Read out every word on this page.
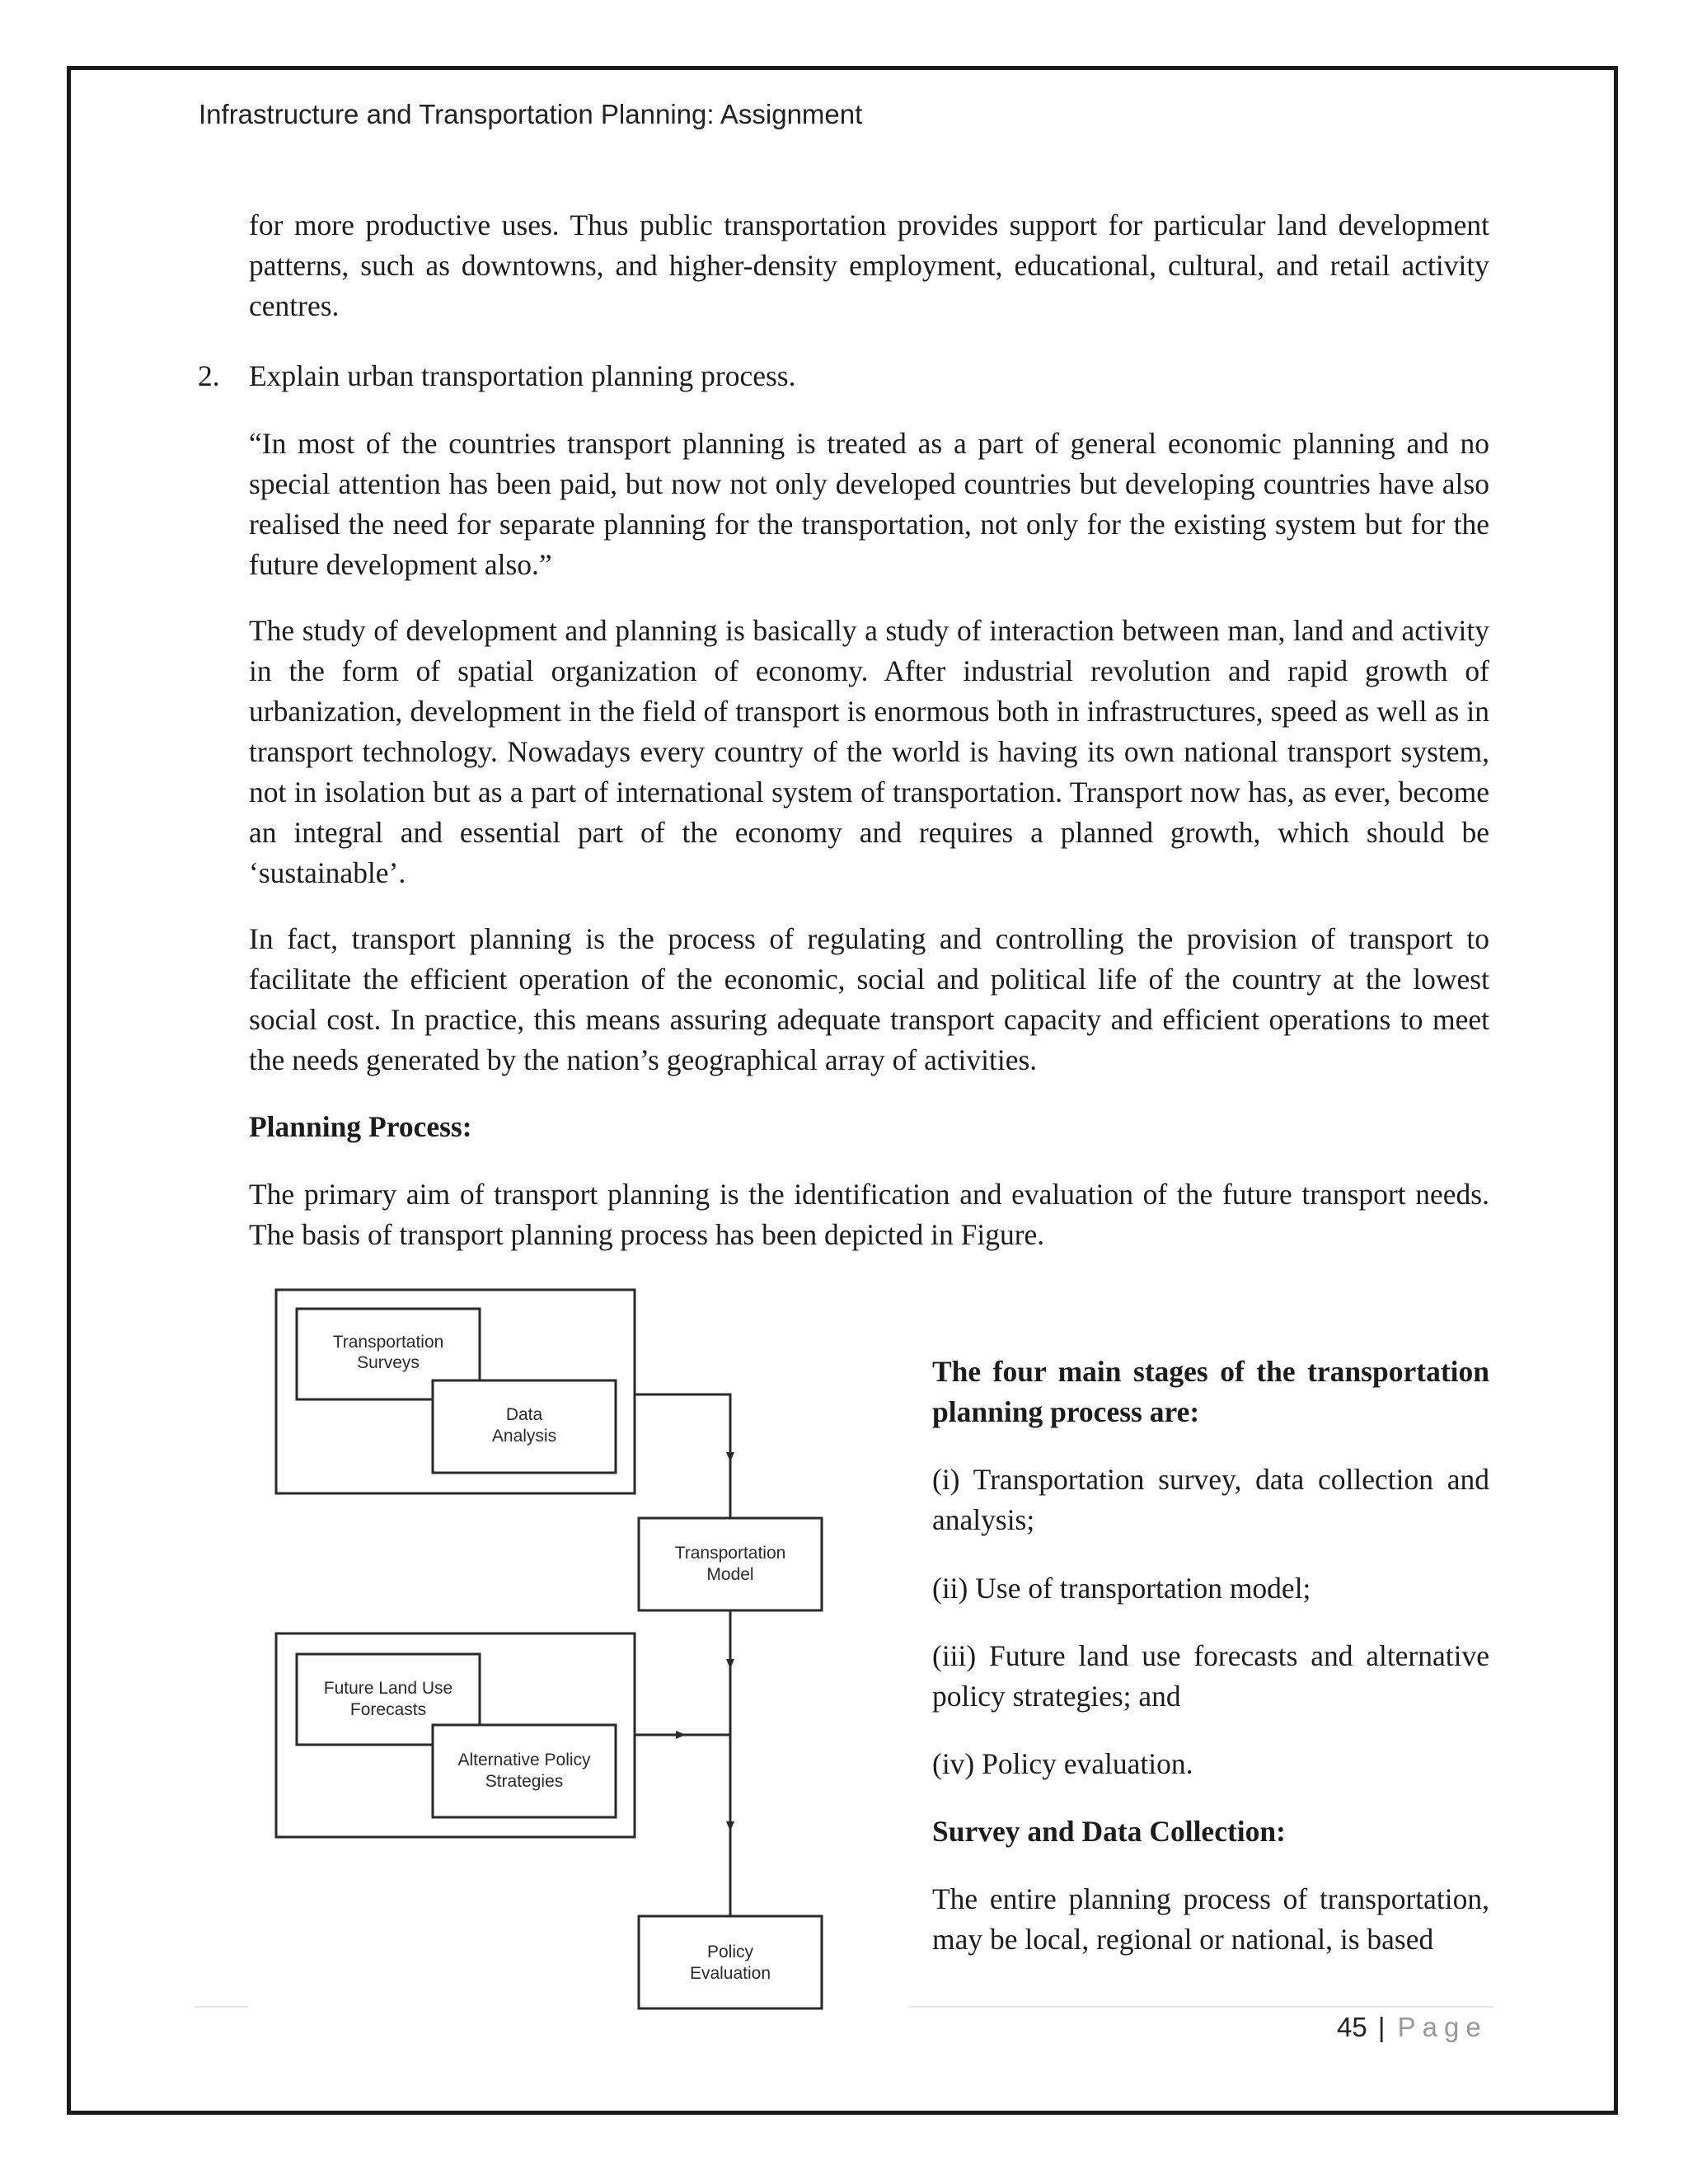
Infrastructure and Transportation Planning: Assignment

for more productive uses. Thus public transportation provides support for particular land development patterns, such as downtowns, and higher-density employment, educational, cultural, and retail activity centres.

2. Explain urban transportation planning process.

“In most of the countries transport planning is treated as a part of general economic planning and no special attention has been paid, but now not only developed countries but developing countries have also realised the need for separate planning for the transportation, not only for the existing system but for the future development also.”

The study of development and planning is basically a study of interaction between man, land and activity in the form of spatial organization of economy. After industrial revolution and rapid growth of urbanization, development in the field of transport is enormous both in infrastructures, speed as well as in transport technology. Nowadays every country of the world is having its own national transport system, not in isolation but as a part of international system of transportation. Transport now has, as ever, become an integral and essential part of the economy and requires a planned growth, which should be ‘sustainable’.

In fact, transport planning is the process of regulating and controlling the provision of transport to facilitate the efficient operation of the economic, social and political life of the country at the lowest social cost. In practice, this means assuring adequate transport capacity and efficient operations to meet the needs generated by the nation’s geographical array of activities.

Planning Process:

The primary aim of transport planning is the identification and evaluation of the future transport needs. The basis of transport planning process has been depicted in Figure.

Transportation
Surveys
Data
Analysis
Transportation
Model
Future Land Use
Forecasts
Alternative Policy
Strategies
Policy
Evaluation

The four main stages of the transportation planning process are:

(i) Transportation survey, data collection and analysis;

(ii) Use of transportation model;

(iii) Future land use forecasts and alternative policy strategies; and

(iv) Policy evaluation.

Survey and Data Collection:

The entire planning process of transportation, may be local, regional or national, is based

45 | Page
